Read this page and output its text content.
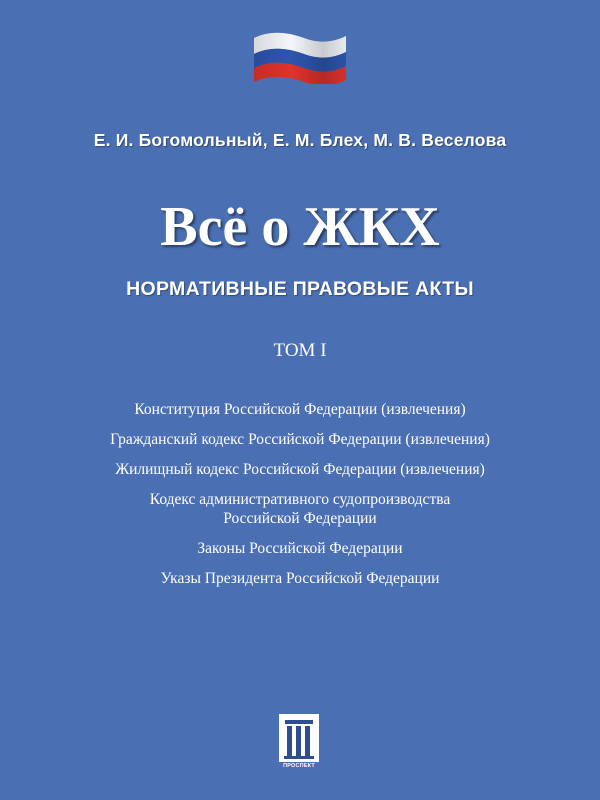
Е. И. Богомольный, Е. М. Блех, М. В. Веселова
Всё о ЖКХ
НОРМАТИВНЫЕ ПРАВОВЫЕ АКТЫ
ТОМ I
Конституция Российской Федерации (извлечения)
Гражданский кодекс Российской Федерации (извлечения)
Жилищный кодекс Российской Федерации (извлечения)
Кодекс административного судопроизводства
Российской Федерации
Законы Российской Федерации
Указы Президента Российской Федерации
ПРОСПЕКТ
